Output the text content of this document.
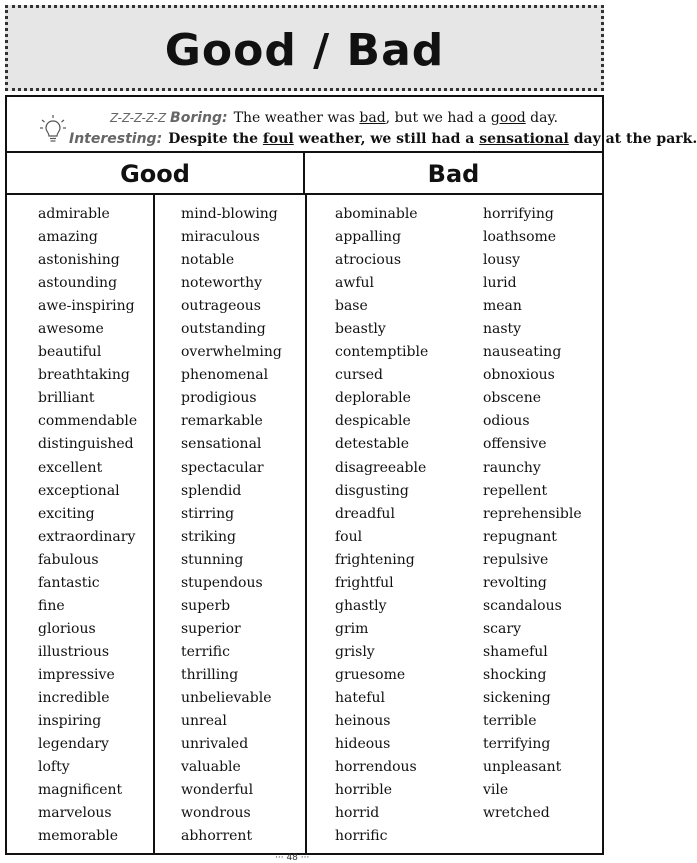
Good / Bad
Z-Z-Z-Z-Z Boring: The weather was bad, but we had a good day.
Interesting: Despite the foul weather, we still had a sensational day at the park.
Good	Bad
admirable
amazing
astonishing
astounding
awe-inspiring
awesome
beautiful
breathtaking
brilliant
commendable
distinguished
excellent
exceptional
exciting
extraordinary
fabulous
fantastic
fine
glorious
illustrious
impressive
incredible
inspiring
legendary
lofty
magnificent
marvelous
memorable
mind-blowing
miraculous
notable
noteworthy
outrageous
outstanding
overwhelming
phenomenal
prodigious
remarkable
sensational
spectacular
splendid
stirring
striking
stunning
stupendous
superb
superior
terrific
thrilling
unbelievable
unreal
unrivaled
valuable
wonderful
wondrous
abhorrent
abominable
appalling
atrocious
awful
base
beastly
contemptible
cursed
deplorable
despicable
detestable
disagreeable
disgusting
dreadful
foul
frightening
frightful
ghastly
grim
grisly
gruesome
hateful
heinous
hideous
horrendous
horrible
horrid
horrific
horrifying
loathsome
lousy
lurid
mean
nasty
nauseating
obnoxious
obscene
odious
offensive
raunchy
repellent
reprehensible
repugnant
repulsive
revolting
scandalous
scary
shameful
shocking
sickening
terrible
terrifying
unpleasant
vile
wretched
··· 48 ···
